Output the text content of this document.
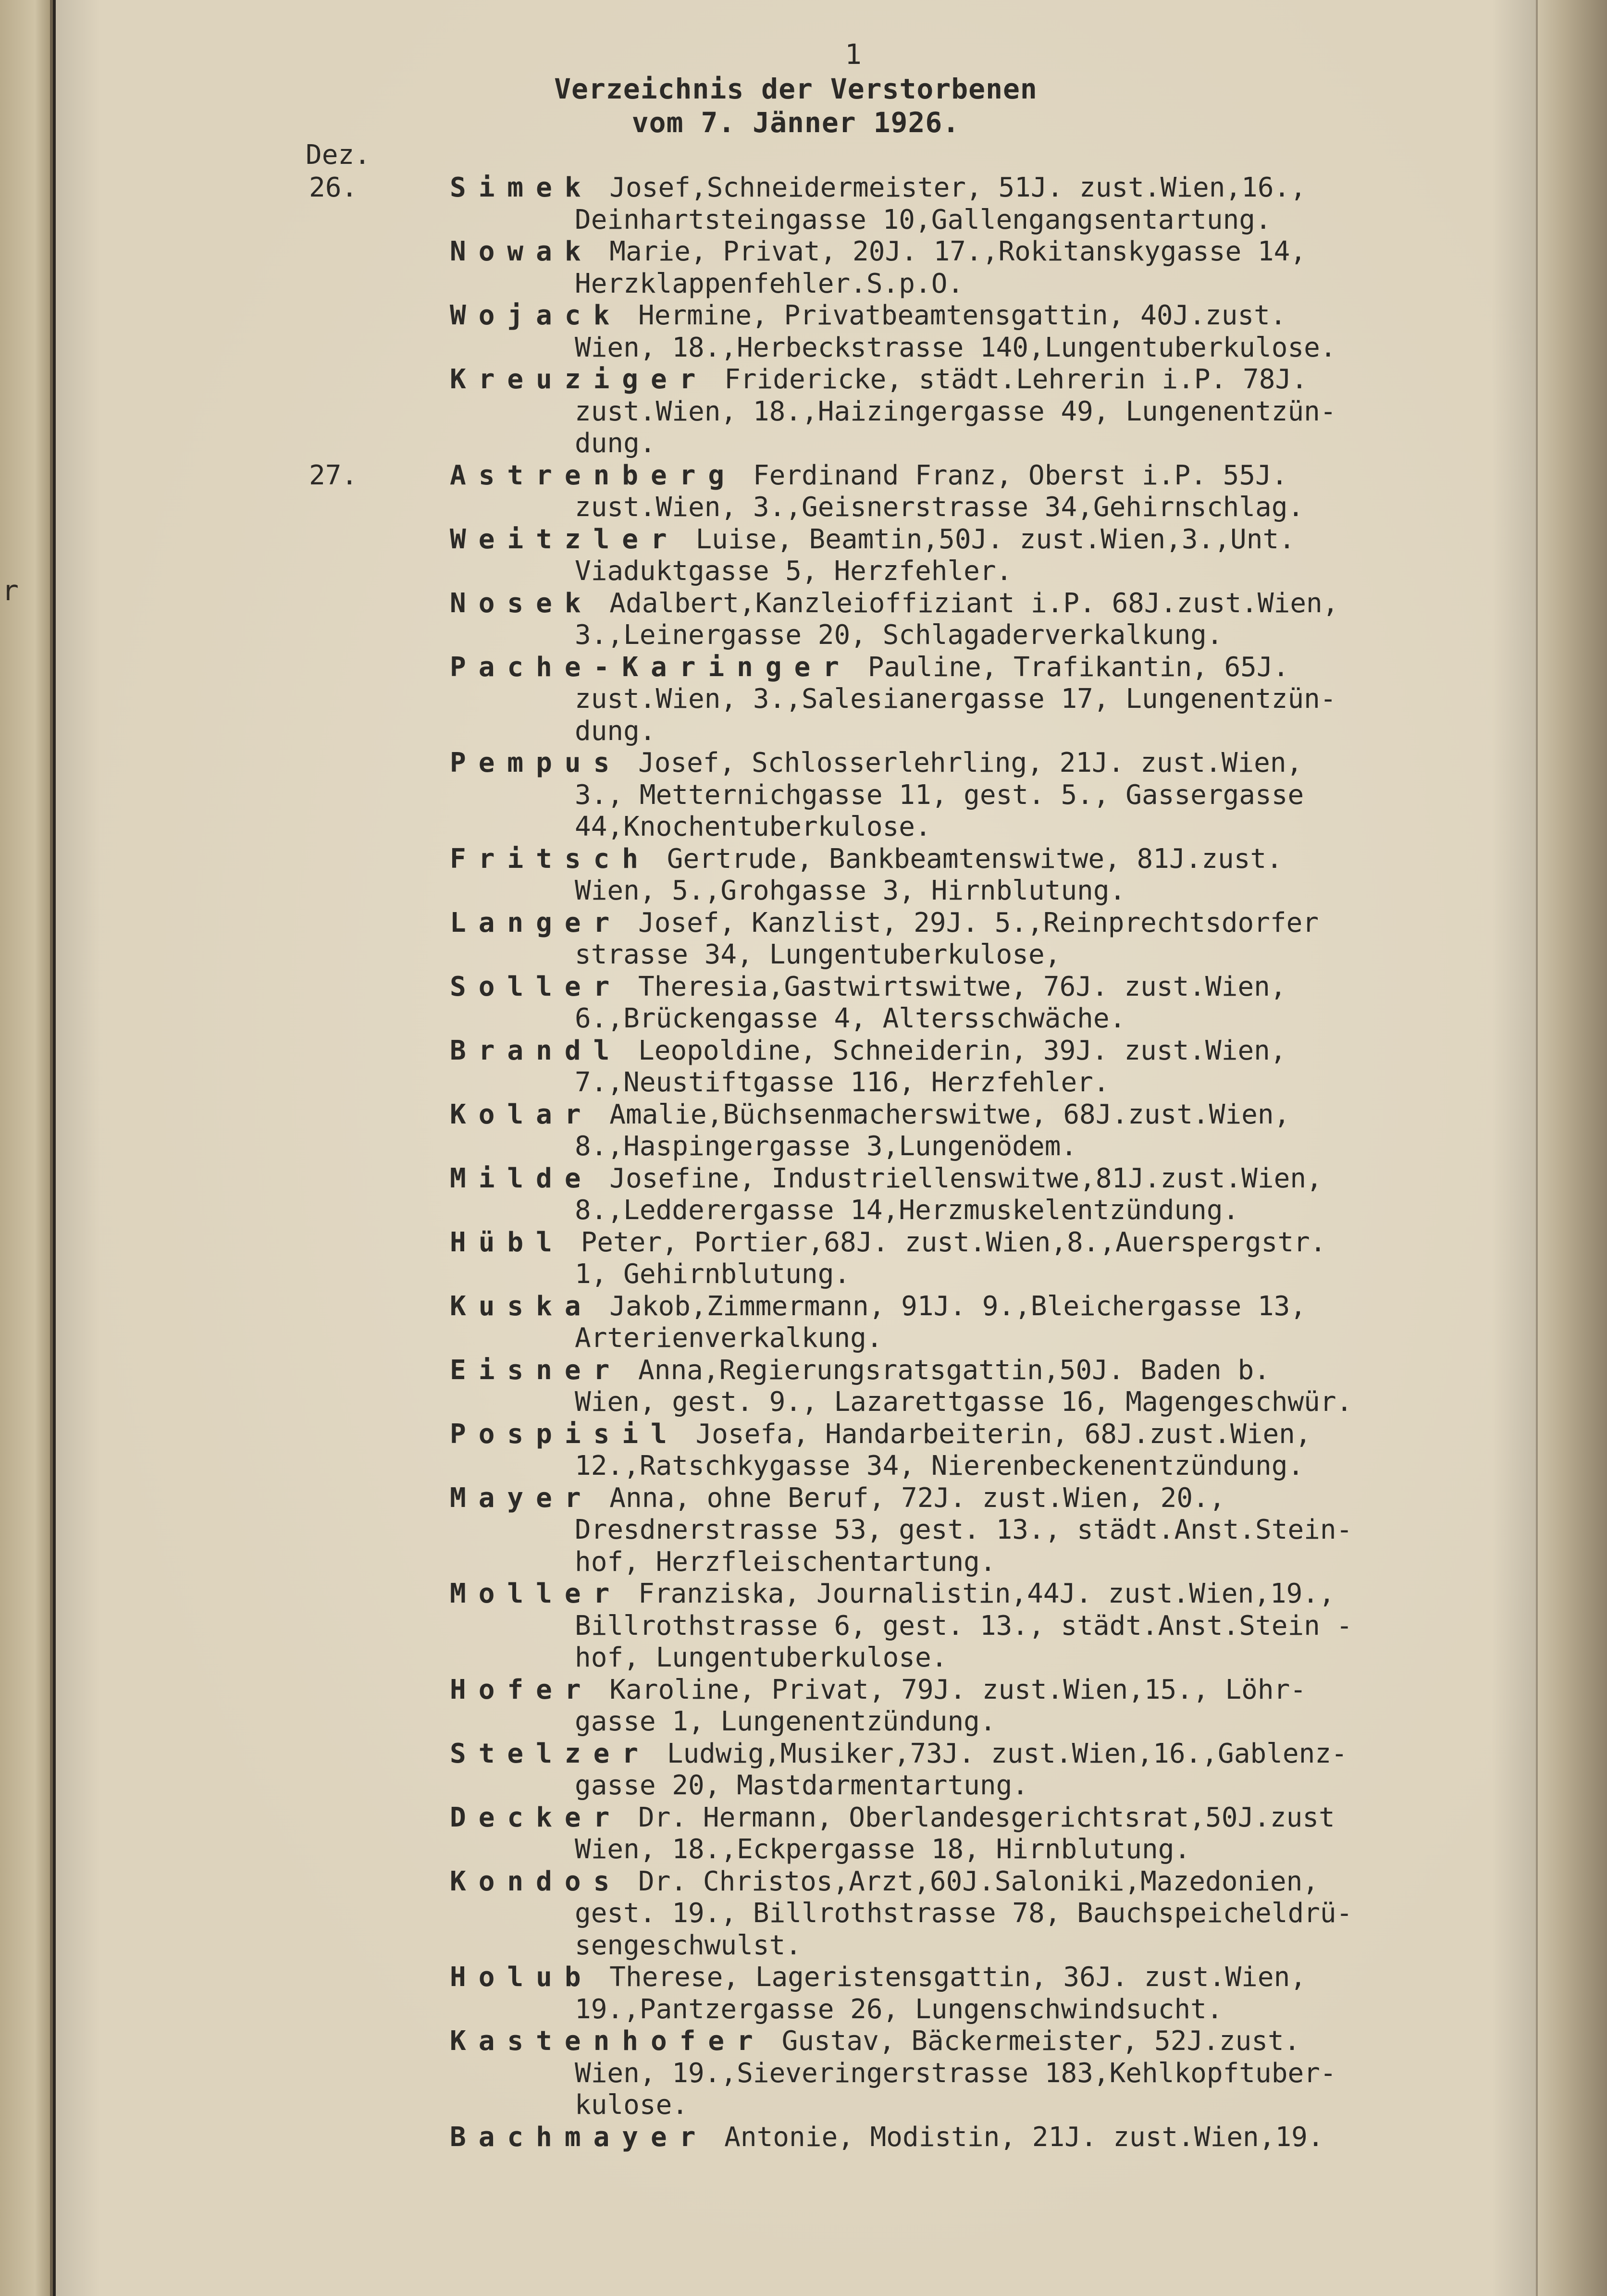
r
1
Verzeichnis der Verstorbenen
vom 7. Jänner 1926.
Dez.
26.	Simek Josef,Schneidermeister, 51J. zust.Wien,16.,
Deinhartsteingasse 10,Gallengangsentartung.
Nowak Marie, Privat, 20J. 17.,Rokitanskygasse 14,
Herzklappenfehler.S.p.O.
Wojack Hermine, Privatbeamtensgattin, 40J.zust.
Wien, 18.,Herbeckstrasse 140,Lungentuberkulose.
Kreuziger Fridericke, städt.Lehrerin i.P. 78J.
zust.Wien, 18.,Haizingergasse 49, Lungenentzün-
dung.
27.	Astrenberg Ferdinand Franz, Oberst i.P. 55J.
zust.Wien, 3.,Geisnerstrasse 34,Gehirnschlag.
Weitzler Luise, Beamtin,50J. zust.Wien,3.,Unt.
Viaduktgasse 5, Herzfehler.
Nosek Adalbert,Kanzleioffiziant i.P. 68J.zust.Wien,
3.,Leinergasse 20, Schlagaderverkalkung.
Pache-Karinger Pauline, Trafikantin, 65J.
zust.Wien, 3.,Salesianergasse 17, Lungenentzün-
dung.
Pempus Josef, Schlosserlehrling, 21J. zust.Wien,
3., Metternichgasse 11, gest. 5., Gassergasse
44,Knochentuberkulose.
Fritsch Gertrude, Bankbeamtenswitwe, 81J.zust.
Wien, 5.,Grohgasse 3, Hirnblutung.
Langer Josef, Kanzlist, 29J. 5.,Reinprechtsdorfer
strasse 34, Lungentuberkulose,
Soller Theresia,Gastwirtswitwe, 76J. zust.Wien,
6.,Brückengasse 4, Altersschwäche.
Brandl Leopoldine, Schneiderin, 39J. zust.Wien,
7.,Neustiftgasse 116, Herzfehler.
Kolar Amalie,Büchsenmacherswitwe, 68J.zust.Wien,
8.,Haspingergasse 3,Lungenödem.
Milde Josefine, Industriellenswitwe,81J.zust.Wien,
8.,Ledderergasse 14,Herzmuskelentzündung.
Hübl Peter, Portier,68J. zust.Wien,8.,Auerspergstr.
1, Gehirnblutung.
Kuska Jakob,Zimmermann, 91J. 9.,Bleichergasse 13,
Arterienverkalkung.
Eisner Anna,Regierungsratsgattin,50J. Baden b.
Wien, gest. 9., Lazarettgasse 16, Magengeschwür.
Pospisil Josefa, Handarbeiterin, 68J.zust.Wien,
12.,Ratschkygasse 34, Nierenbeckenentzündung.
Mayer Anna, ohne Beruf, 72J. zust.Wien, 20.,
Dresdnerstrasse 53, gest. 13., städt.Anst.Stein-
hof, Herzfleischentartung.
Moller Franziska, Journalistin,44J. zust.Wien,19.,
Billrothstrasse 6, gest. 13., städt.Anst.Stein -
hof, Lungentuberkulose.
Hofer Karoline, Privat, 79J. zust.Wien,15., Löhr-
gasse 1, Lungenentzündung.
Stelzer Ludwig,Musiker,73J. zust.Wien,16.,Gablenz-
gasse 20, Mastdarmentartung.
Decker Dr. Hermann, Oberlandesgerichtsrat,50J.zust
Wien, 18.,Eckpergasse 18, Hirnblutung.
Kondos Dr. Christos,Arzt,60J.Saloniki,Mazedonien,
gest. 19., Billrothstrasse 78, Bauchspeicheldrü-
sengeschwulst.
Holub Therese, Lageristensgattin, 36J. zust.Wien,
19.,Pantzergasse 26, Lungenschwindsucht.
Kastenhofer Gustav, Bäckermeister, 52J.zust.
Wien, 19.,Sieveringerstrasse 183,Kehlkopftuber-
kulose.
Bachmayer Antonie, Modistin, 21J. zust.Wien,19.
